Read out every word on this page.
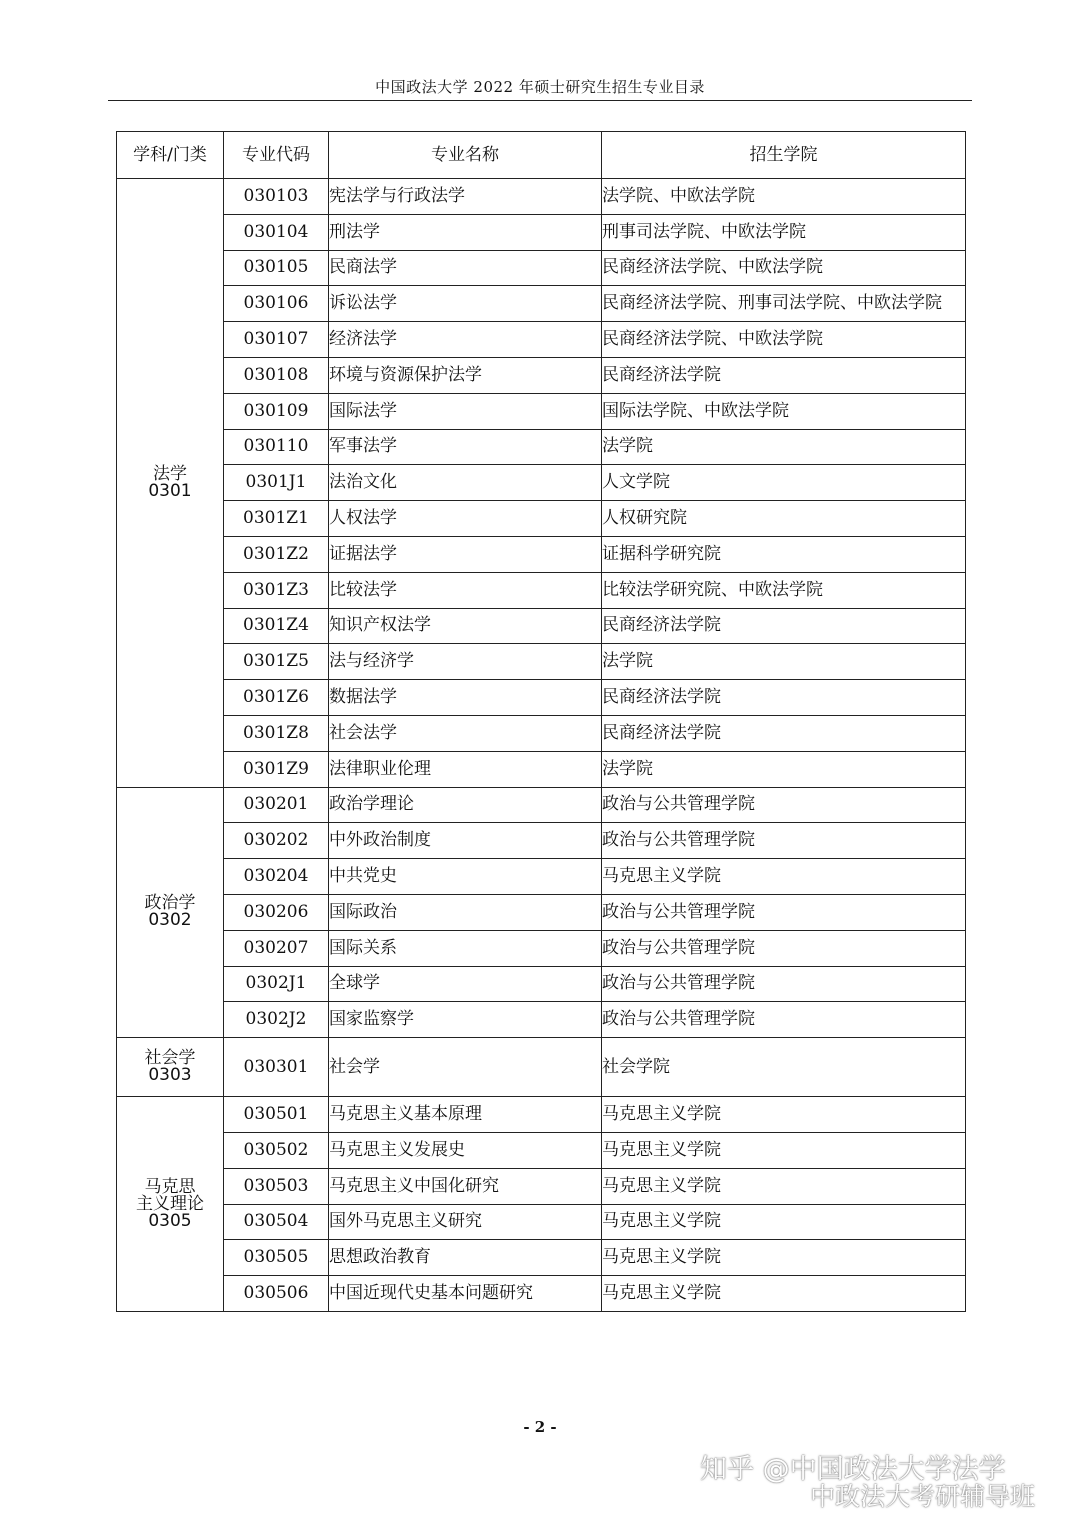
中国政法大学 2022 年硕士研究生招生专业目录
学科/门类	专业代码	专业名称	招生学院

法学
0301	030103	宪法学与行政法学	法学院、中欧法学院
	030104	刑法学	刑事司法学院、中欧法学院
	030105	民商法学	民商经济法学院、中欧法学院
	030106	诉讼法学	民商经济法学院、刑事司法学院、中欧法学院
	030107	经济法学	民商经济法学院、中欧法学院
	030108	环境与资源保护法学	民商经济法学院
	030109	国际法学	国际法学院、中欧法学院
	030110	军事法学	法学院
	0301J1	法治文化	人文学院
	0301Z1	人权法学	人权研究院
	0301Z2	证据法学	证据科学研究院
	0301Z3	比较法学	比较法学研究院、中欧法学院
	0301Z4	知识产权法学	民商经济法学院
	0301Z5	法与经济学	法学院
	0301Z6	数据法学	民商经济法学院
	0301Z8	社会法学	民商经济法学院
	0301Z9	法律职业伦理	法学院

政治学
0302	030201	政治学理论	政治与公共管理学院
	030202	中外政治制度	政治与公共管理学院
	030204	中共党史	马克思主义学院
	030206	国际政治	政治与公共管理学院
	030207	国际关系	政治与公共管理学院
	0302J1	全球学	政治与公共管理学院
	0302J2	国家监察学	政治与公共管理学院

社会学
0303	030301	社会学	社会学院

马克思
主义理论
0305	030501	马克思主义基本原理	马克思主义学院
	030502	马克思主义发展史	马克思主义学院
	030503	马克思主义中国化研究	马克思主义学院
	030504	国外马克思主义研究	马克思主义学院
	030505	思想政治教育	马克思主义学院
	030506	中国近现代史基本问题研究	马克思主义学院
- 2 -
知乎 @中国政法大学法学
中政法大考研辅导班
